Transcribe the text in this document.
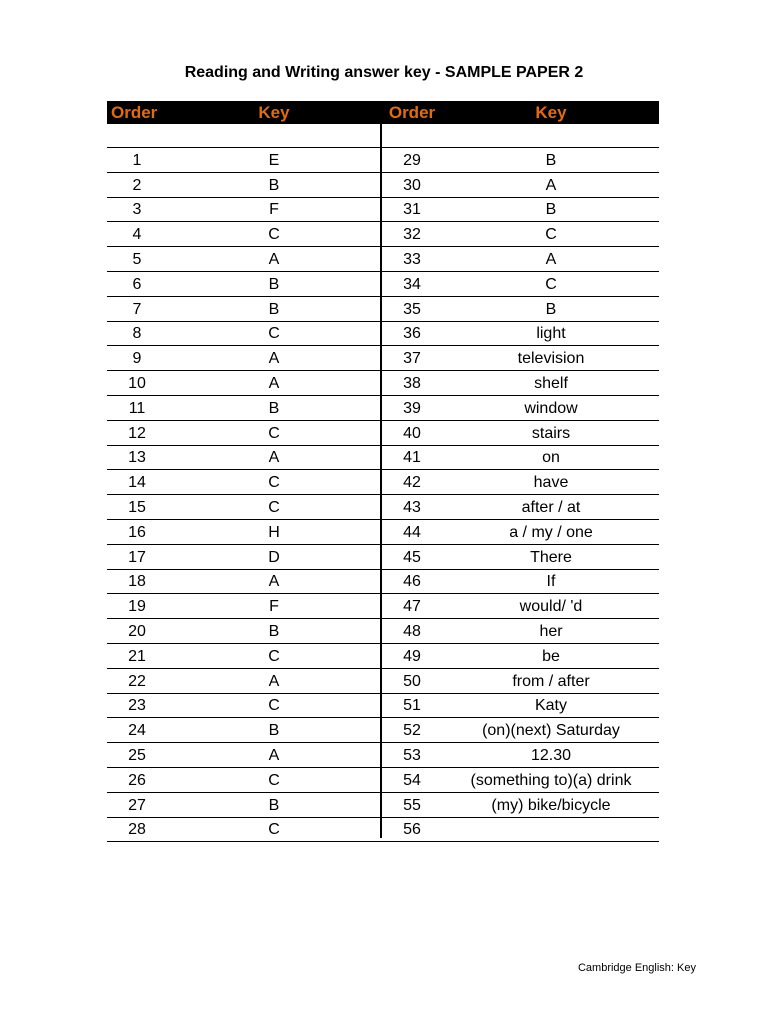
Reading and Writing answer key - SAMPLE PAPER 2
Order	Key	Order	Key
1	E	29	B
2	B	30	A
3	F	31	B
4	C	32	C
5	A	33	A
6	B	34	C
7	B	35	B
8	C	36	light
9	A	37	television
10	A	38	shelf
11	B	39	window
12	C	40	stairs
13	A	41	on
14	C	42	have
15	C	43	after / at
16	H	44	a / my / one
17	D	45	There
18	A	46	If
19	F	47	would/ 'd
20	B	48	her
21	C	49	be
22	A	50	from / after
23	C	51	Katy
24	B	52	(on)(next) Saturday
25	A	53	12.30
26	C	54	(something to)(a) drink
27	B	55	(my) bike/bicycle
28	C	56
Cambridge English: Key
